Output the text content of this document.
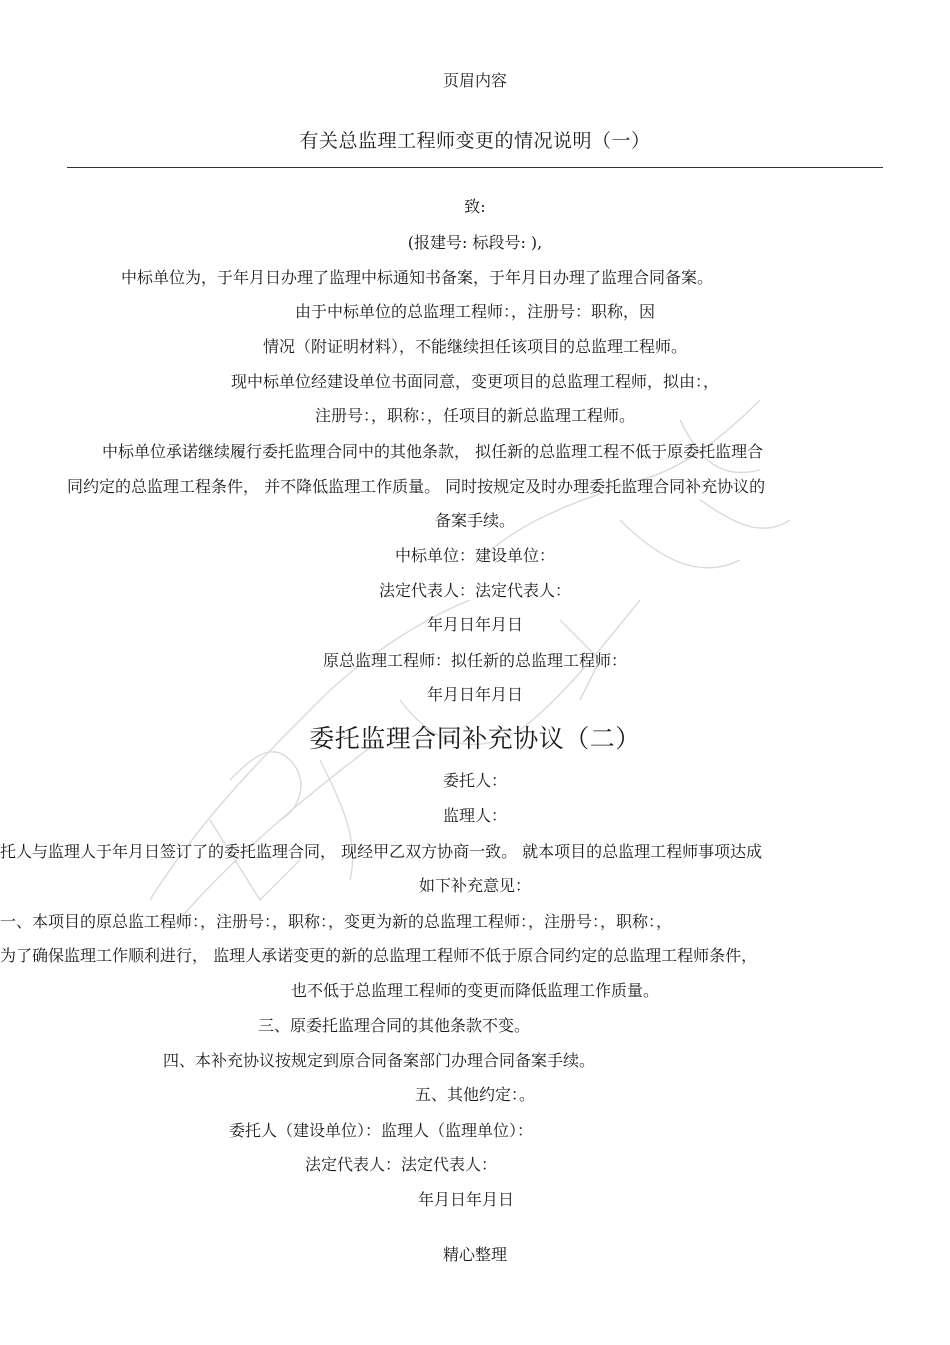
页眉内容
有关总监理工程师变更的情况说明（一）
致:
(报建号: 标段号: ),
中标单位为，于年月日办理了监理中标通知书备案，于年月日办理了监理合同备案。
由于中标单位的总监理工程师：，注册号：职称，因
情况（附证明材料），不能继续担任该项目的总监理工程师。
现中标单位经建设单位书面同意，变更项目的总监理工程师，拟由：，
注册号：，职称：，任项目的新总监理工程师。
中标单位承诺继续履行委托监理合同中的其他条款， 拟任新的总监理工程不低于原委托监理合
同约定的总监理工程条件， 并不降低监理工作质量。 同时按规定及时办理委托监理合同补充协议的
备案手续。
中标单位：建设单位：
法定代表人：法定代表人：
年月日年月日
原总监理工程师：拟任新的总监理工程师：
年月日年月日
委托监理合同补充协议（二）
委托人：
监理人：
托人与监理人于年月日签订了的委托监理合同， 现经甲乙双方协商一致。 就本项目的总监理工程师事项达成
如下补充意见：
一、本项目的原总监工程师：，注册号：，职称：，变更为新的总监理工程师：，注册号：，职称：，
为了确保监理工作顺利进行， 监理人承诺变更的新的总监理工程师不低于原合同约定的总监理工程师条件，
也不低于总监理工程师的变更而降低监理工作质量。
三、原委托监理合同的其他条款不变。
四、本补充协议按规定到原合同备案部门办理合同备案手续。
五、其他约定：。
委托人（建设单位）：监理人（监理单位）：
法定代表人：法定代表人：
年月日年月日
精心整理
